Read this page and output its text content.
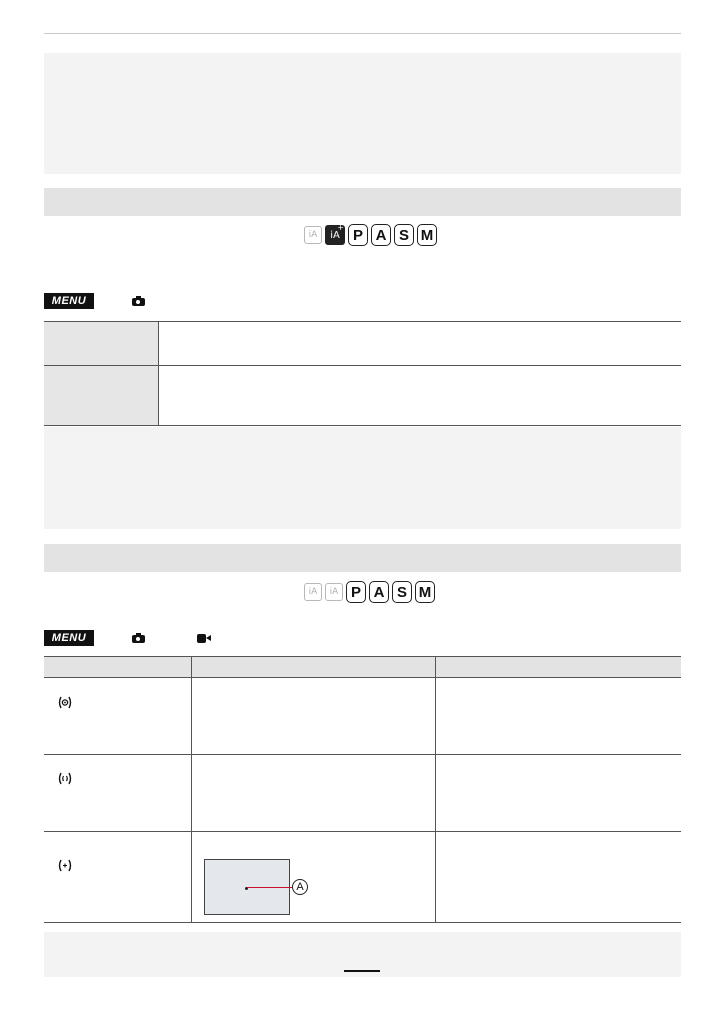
iA	iA
+ P A S M
MENU
iA	iA P A S M
MENU
A
